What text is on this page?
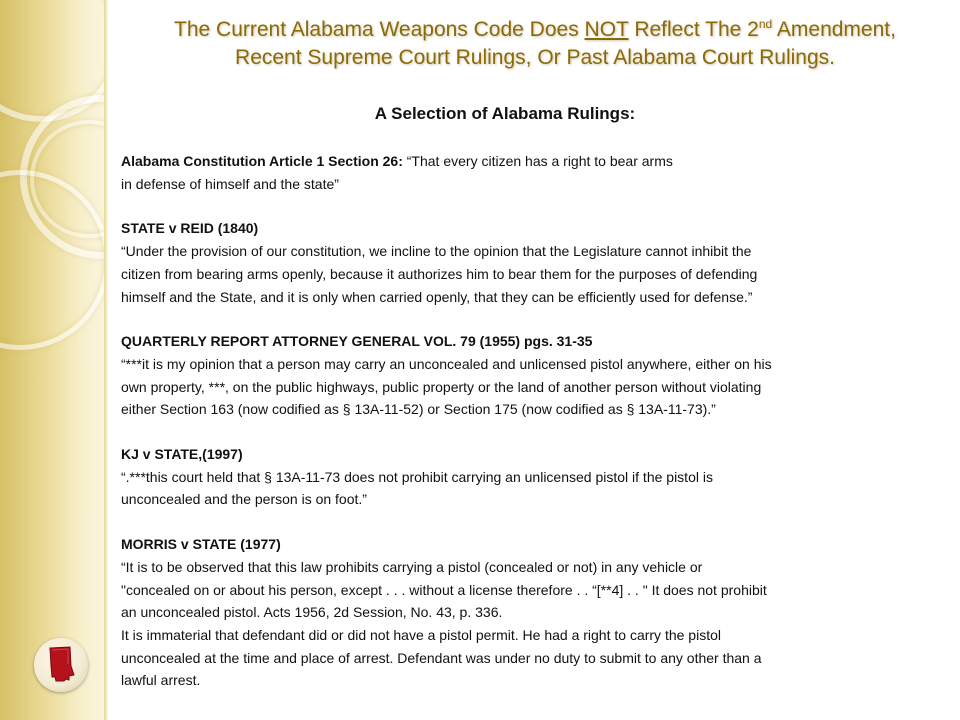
The Current Alabama Weapons Code Does NOT Reflect The 2nd Amendment,
Recent Supreme Court Rulings, Or Past Alabama Court Rulings.
A Selection of Alabama Rulings:

Alabama Constitution Article 1 Section 26: “That every citizen has a right to bear arms

in defense of himself and the state”

STATE v REID (1840)

“Under the provision of our constitution, we incline to the opinion that the Legislature cannot inhibit the

citizen from bearing arms openly, because it authorizes him to bear them for the purposes of defending

himself and the State, and it is only when carried openly, that they can be efficiently used for defense.”

QUARTERLY REPORT ATTORNEY GENERAL VOL. 79 (1955) pgs. 31-35

“***it is my opinion that a person may carry an unconcealed and unlicensed pistol anywhere, either on his

own property, ***, on the public highways, public property or the land of another person without violating

either Section 163 (now codified as § 13A-11-52) or Section 175 (now codified as § 13A-11-73).”

KJ v STATE,(1997)

“.***this court held that § 13A-11-73 does not prohibit carrying an unlicensed pistol if the pistol is

unconcealed and the person is on foot.”

MORRIS v STATE (1977)

“It is to be observed that this law prohibits carrying a pistol (concealed or not) in any vehicle or

"concealed on or about his person, except . . . without a license therefore . . “[**4] . . " It does not prohibit

an unconcealed pistol. Acts 1956, 2d Session, No. 43, p. 336.

It is immaterial that defendant did or did not have a pistol permit. He had a right to carry the pistol

unconcealed at the time and place of arrest. Defendant was under no duty to submit to any other than a

lawful arrest.
